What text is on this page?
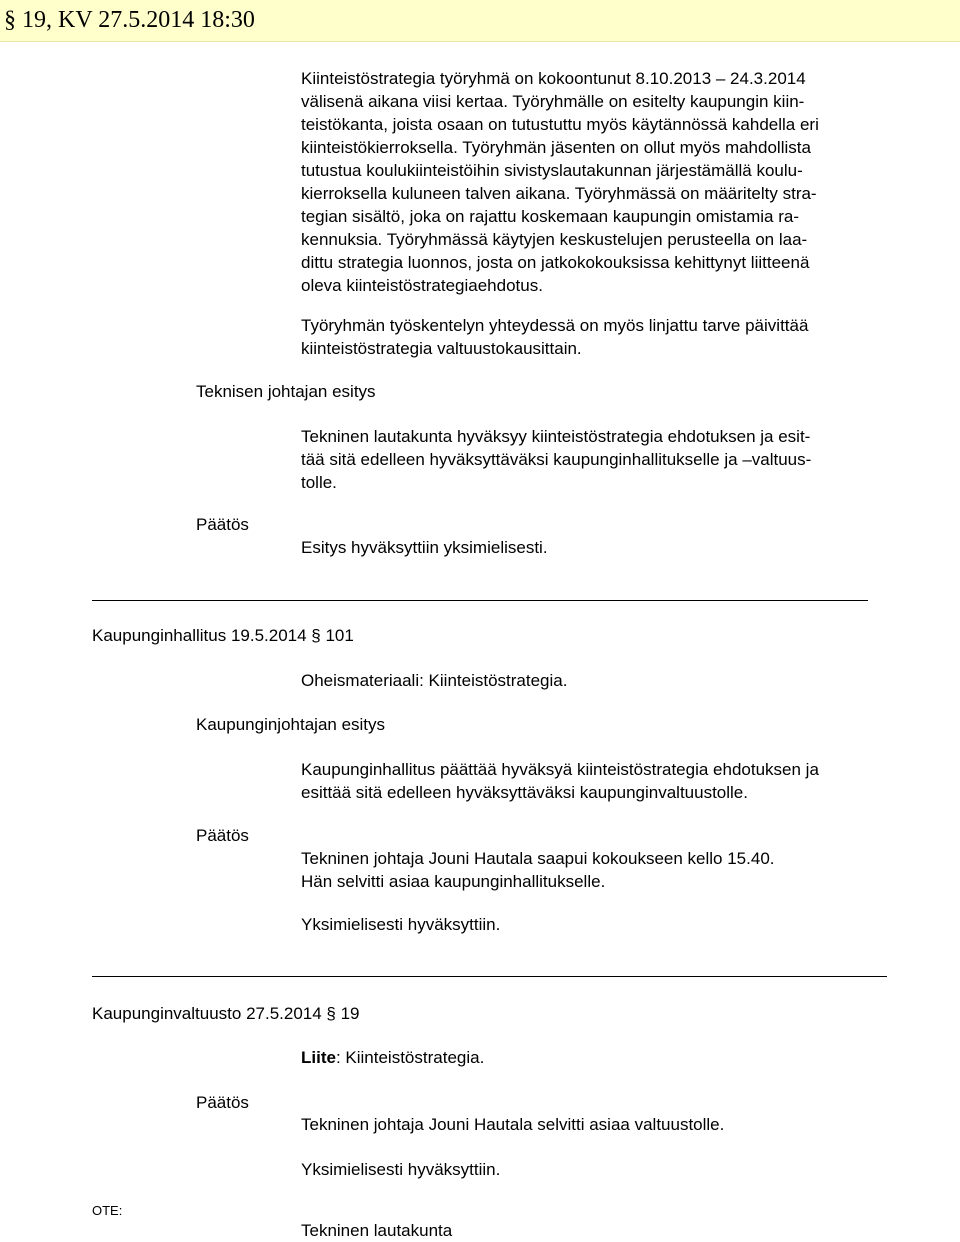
§ 19, KV 27.5.2014 18:30
Kiinteistöstrategia työryhmä on kokoontunut 8.10.2013 – 24.3.2014
välisenä aikana viisi kertaa. Työryhmälle on esitelty kaupungin kiin-
teistökanta, joista osaan on tutustuttu myös käytännössä kahdella eri
kiinteistökierroksella. Työryhmän jäsenten on ollut myös mahdollista
tutustua koulukiinteistöihin sivistyslautakunnan järjestämällä koulu-
kierroksella kuluneen talven aikana. Työryhmässä on määritelty stra-
tegian sisältö, joka on rajattu koskemaan kaupungin omistamia ra-
kennuksia. Työryhmässä käytyjen keskustelujen perusteella on laa-
dittu strategia luonnos, josta on jatkokokouksissa kehittynyt liitteenä
oleva kiinteistöstrategiaehdotus.
Työryhmän työskentelyn yhteydessä on myös linjattu tarve päivittää
kiinteistöstrategia valtuustokausittain.
Teknisen johtajan esitys
Tekninen lautakunta hyväksyy kiinteistöstrategia ehdotuksen ja esit-
tää sitä edelleen hyväksyttäväksi kaupunginhallitukselle ja –valtuus-
tolle.
Päätös
Esitys hyväksyttiin yksimielisesti.
Kaupunginhallitus 19.5.2014 § 101
Oheismateriaali: Kiinteistöstrategia.
Kaupunginjohtajan esitys
Kaupunginhallitus päättää hyväksyä kiinteistöstrategia ehdotuksen ja
esittää sitä edelleen hyväksyttäväksi kaupunginvaltuustolle.
Päätös
Tekninen johtaja Jouni Hautala saapui kokoukseen kello 15.40.
Hän selvitti asiaa kaupunginhallitukselle.
Yksimielisesti hyväksyttiin.
Kaupunginvaltuusto 27.5.2014 § 19
Liite: Kiinteistöstrategia.
Päätös
Tekninen johtaja Jouni Hautala selvitti asiaa valtuustolle.
Yksimielisesti hyväksyttiin.
OTE:
Tekninen lautakunta
